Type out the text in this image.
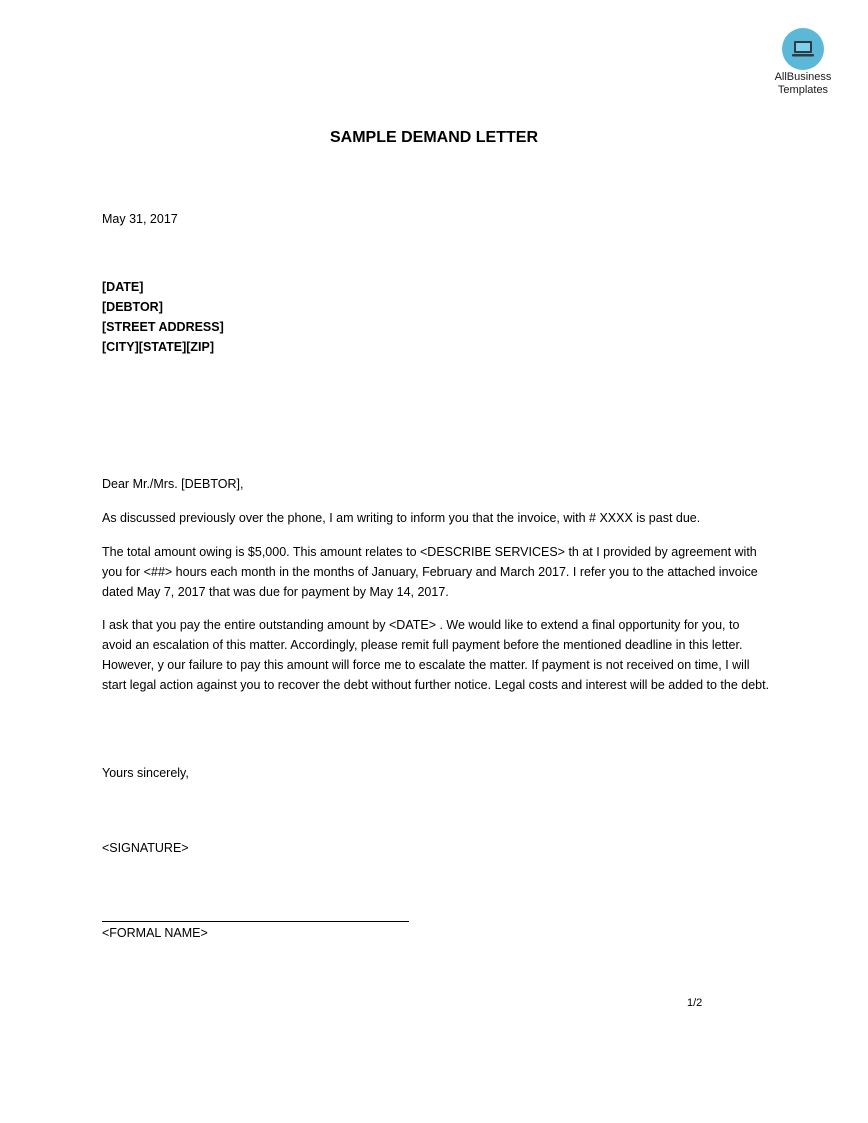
AllBusiness
Templates
SAMPLE DEMAND LETTER
May 31, 2017
[DATE]
[DEBTOR]
[STREET ADDRESS]
[CITY][STATE][ZIP]
Dear Mr./Mrs. [DEBTOR],
As discussed previously over the phone, I am writing to inform you that the invoice, with # XXXX is past due.
The total amount owing is $5,000. This amount relates to <DESCRIBE SERVICES> th at I provided by agreement with you for <##> hours each month in the months of January, February and March 2017. I refer you to the attached invoice dated May 7, 2017 that was due for payment by May 14, 2017.
I ask that you pay the entire outstanding amount by <DATE> . We would like to extend a final opportunity for you, to avoid an escalation of this matter. Accordingly, please remit full payment before the mentioned deadline in this letter. However, y our failure to pay this amount will force me to escalate the matter. If payment is not received on time, I will start legal action against you to recover the debt without further notice. Legal costs and interest will be added to the debt.
Yours sincerely,
<SIGNATURE>
<FORMAL NAME>
1/2
